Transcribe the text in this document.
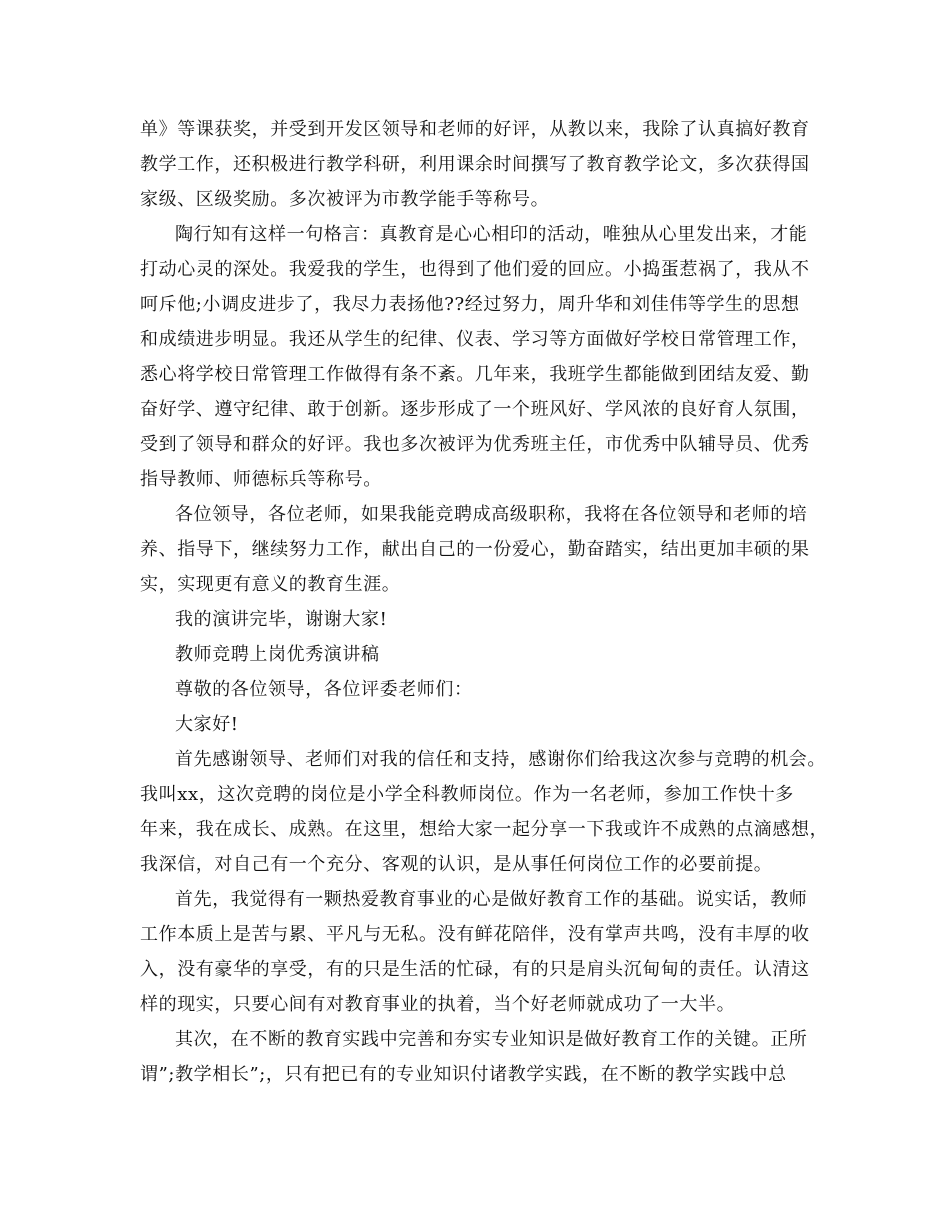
单》等课获奖，并受到开发区领导和老师的好评，从教以来，我除了认真搞好教育
教学工作，还积极进行教学科研，利用课余时间撰写了教育教学论文，多次获得国
家级、区级奖励。多次被评为市教学能手等称号。
陶行知有这样一句格言：真教育是心心相印的活动，唯独从心里发出来，才能
打动心灵的深处。我爱我的学生，也得到了他们爱的回应。小捣蛋惹祸了，我从不
呵斥他;小调皮进步了，我尽力表扬他??经过努力，周升华和刘佳伟等学生的思想
和成绩进步明显。我还从学生的纪律、仪表、学习等方面做好学校日常管理工作，
悉心将学校日常管理工作做得有条不紊。几年来，我班学生都能做到团结友爱、勤
奋好学、遵守纪律、敢于创新。逐步形成了一个班风好、学风浓的良好育人氛围，
受到了领导和群众的好评。我也多次被评为优秀班主任，市优秀中队辅导员、优秀
指导教师、师德标兵等称号。
各位领导，各位老师，如果我能竞聘成高级职称，我将在各位领导和老师的培
养、指导下，继续努力工作，献出自己的一份爱心，勤奋踏实，结出更加丰硕的果
实，实现更有意义的教育生涯。
我的演讲完毕，谢谢大家!
教师竞聘上岗优秀演讲稿
尊敬的各位领导，各位评委老师们：
大家好!
首先感谢领导、老师们对我的信任和支持，感谢你们给我这次参与竞聘的机会。
我叫xx，这次竞聘的岗位是小学全科教师岗位。作为一名老师，参加工作快十多
年来，我在成长、成熟。在这里，想给大家一起分享一下我或许不成熟的点滴感想，
我深信，对自己有一个充分、客观的认识，是从事任何岗位工作的必要前提。
首先，我觉得有一颗热爱教育事业的心是做好教育工作的基础。说实话，教师
工作本质上是苦与累、平凡与无私。没有鲜花陪伴，没有掌声共鸣，没有丰厚的收
入，没有豪华的享受，有的只是生活的忙碌，有的只是肩头沉甸甸的责任。认清这
样的现实，只要心间有对教育事业的执着，当个好老师就成功了一大半。
其次，在不断的教育实践中完善和夯实专业知识是做好教育工作的关键。正所
谓”;教学相长”;，只有把已有的专业知识付诸教学实践，在不断的教学实践中总
